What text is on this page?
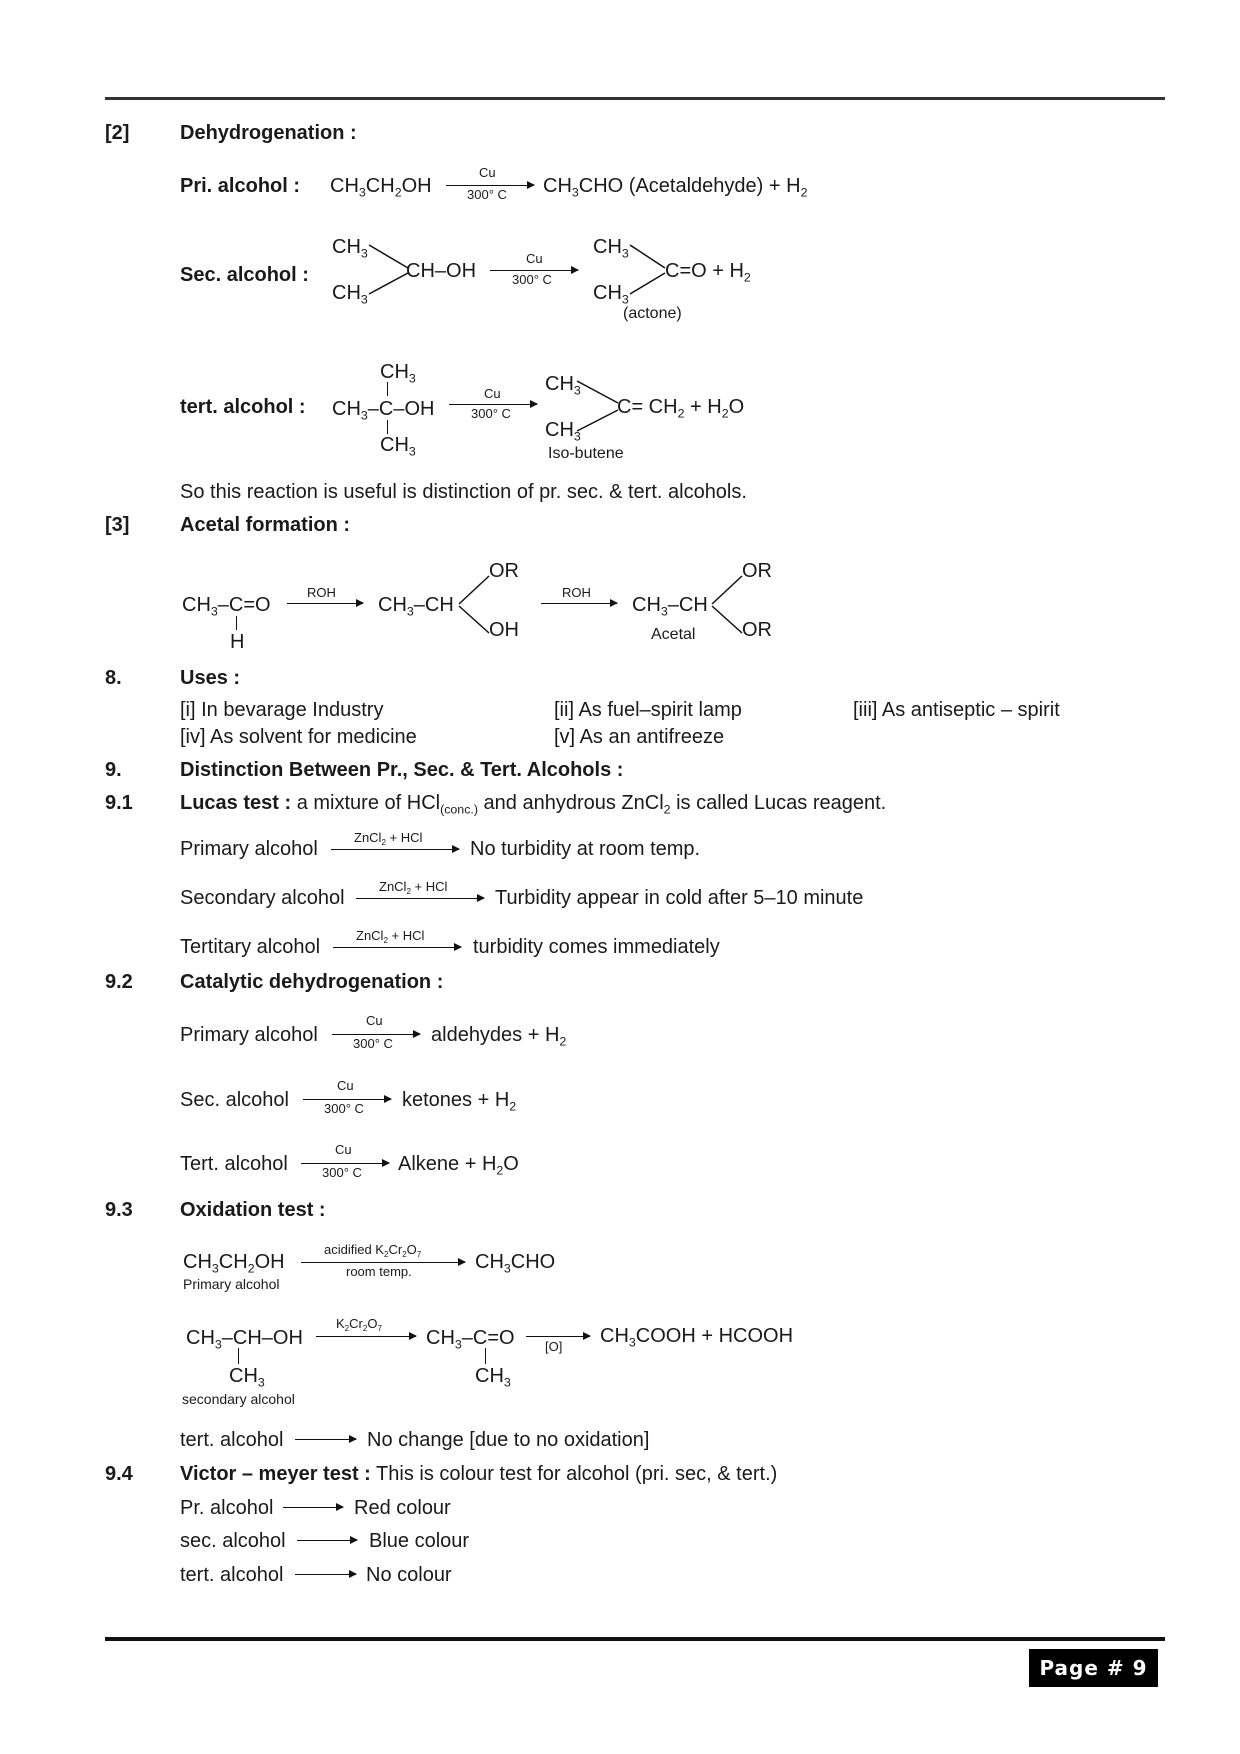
[2]	Dehydrogenation :
Pri. alcohol : $CH_3CH_2OH$
Cu
300° C $CH_3CHO$ (Acetaldehyde) + $H_2$
Sec. alcohol :
$CH_3$
$CH_3$
CH–OH
Cu
300° C
$CH_3$
$CH_3$
$C=O + H_2$
(actone)
tert. alcohol :
$CH_3$
$CH_3-C-OH$
$CH_3$
Cu
300° C
$CH_3$
$CH_3$
$C= CH_2 + H_2O$
Iso-butene
So this reaction is useful is distinction of pr. sec. & tert. alcohols.
[3]	Acetal formation :
$CH_3-C=O$
H
ROH
$CH_3-CH$
OR
OH
ROH
$CH_3-CH$
OR
OR
Acetal
8.	Uses :
[i] In bevarage Industry	[ii] As fuel–spirit lamp	[iii] As antiseptic – spirit
[iv] As solvent for medicine	[v] As an antifreeze
9.	Distinction Between Pr., Sec. & Tert. Alcohols :
9.1 Lucas test : a mixture of HCl$_{(conc.)}$ and anhydrous ZnCl$_2$ is called Lucas reagent.
Primary alcohol
ZnCl$_2$ + HCl
No turbidity at room temp.
Secondary alcohol
ZnCl$_2$ + HCl
Turbidity appear in cold after 5–10 minute
Tertitary alcohol
ZnCl$_2$ + HCl
turbidity comes immediately
9.2 Catalytic dehydrogenation :
Primary alcohol
Cu
300° C aldehydes + $H_2$
Sec. alcohol
Cu
300° C ketones + $H_2$
Tert. alcohol
Cu
300° C Alkene + $H_2O$
9.3 Oxidation test :
$CH_3CH_2OH$
Primary alcohol
acidified $K_2Cr_2O_7$
room temp.	$CH_3CHO$
$CH_3-CH-OH$
$CH_3$
secondary alcohol
$K_2Cr_2O_7$ $CH_3-C=O$
$CH_3$
[O] $CH_3COOH$ + HCOOH
tert. alcohol → No change [due to no oxidation]
9.4 Victor – meyer test : This is colour test for alcohol (pri. sec, & tert.)
Pr. alcohol → Red colour
sec. alcohol → Blue colour
tert. alcohol → No colour
Page # 9
